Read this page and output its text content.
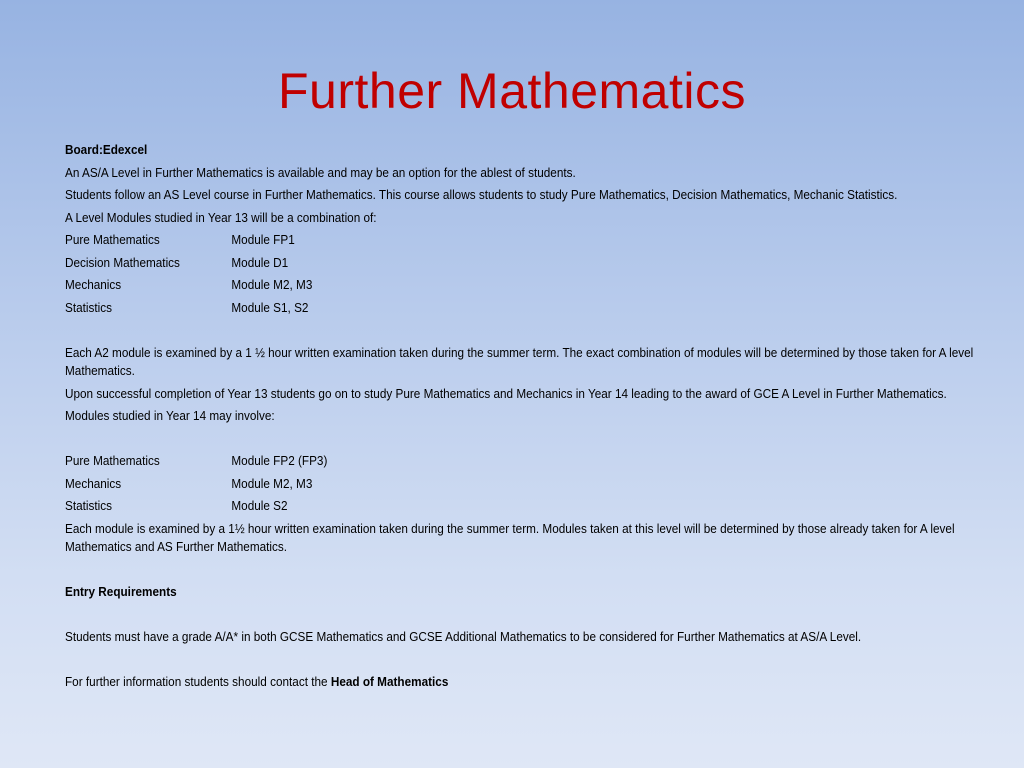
Further Mathematics
Board:Edexcel
An AS/A Level in Further Mathematics is available and may be an option for the ablest of students.
Students follow an AS Level course in Further Mathematics. This course allows students to study Pure Mathematics, Decision Mathematics, Mechanic Statistics.
A Level Modules studied in Year 13 will be a combination of:
Pure Mathematics	Module FP1
Decision Mathematics	Module D1
Mechanics	Module M2, M3
Statistics	Module S1, S2
Each A2 module is examined by a 1 ½ hour written examination taken during the summer term. The exact combination of modules will be determined by those taken for A level Mathematics.
Upon successful completion of Year 13 students go on to study Pure Mathematics and Mechanics in Year 14 leading to the award of GCE A Level in Further Mathematics.
Modules studied in Year 14 may involve:
Pure Mathematics	Module FP2 (FP3)
Mechanics	Module M2, M3
Statistics	Module S2
Each module is examined by a 1½ hour written examination taken during the summer term. Modules taken at this level will be determined by those already taken for A level Mathematics and AS Further Mathematics.
Entry Requirements
Students must have a grade A/A* in both GCSE Mathematics and GCSE Additional Mathematics to be considered for Further Mathematics at AS/A Level.
For further information students should contact the Head of Mathematics
